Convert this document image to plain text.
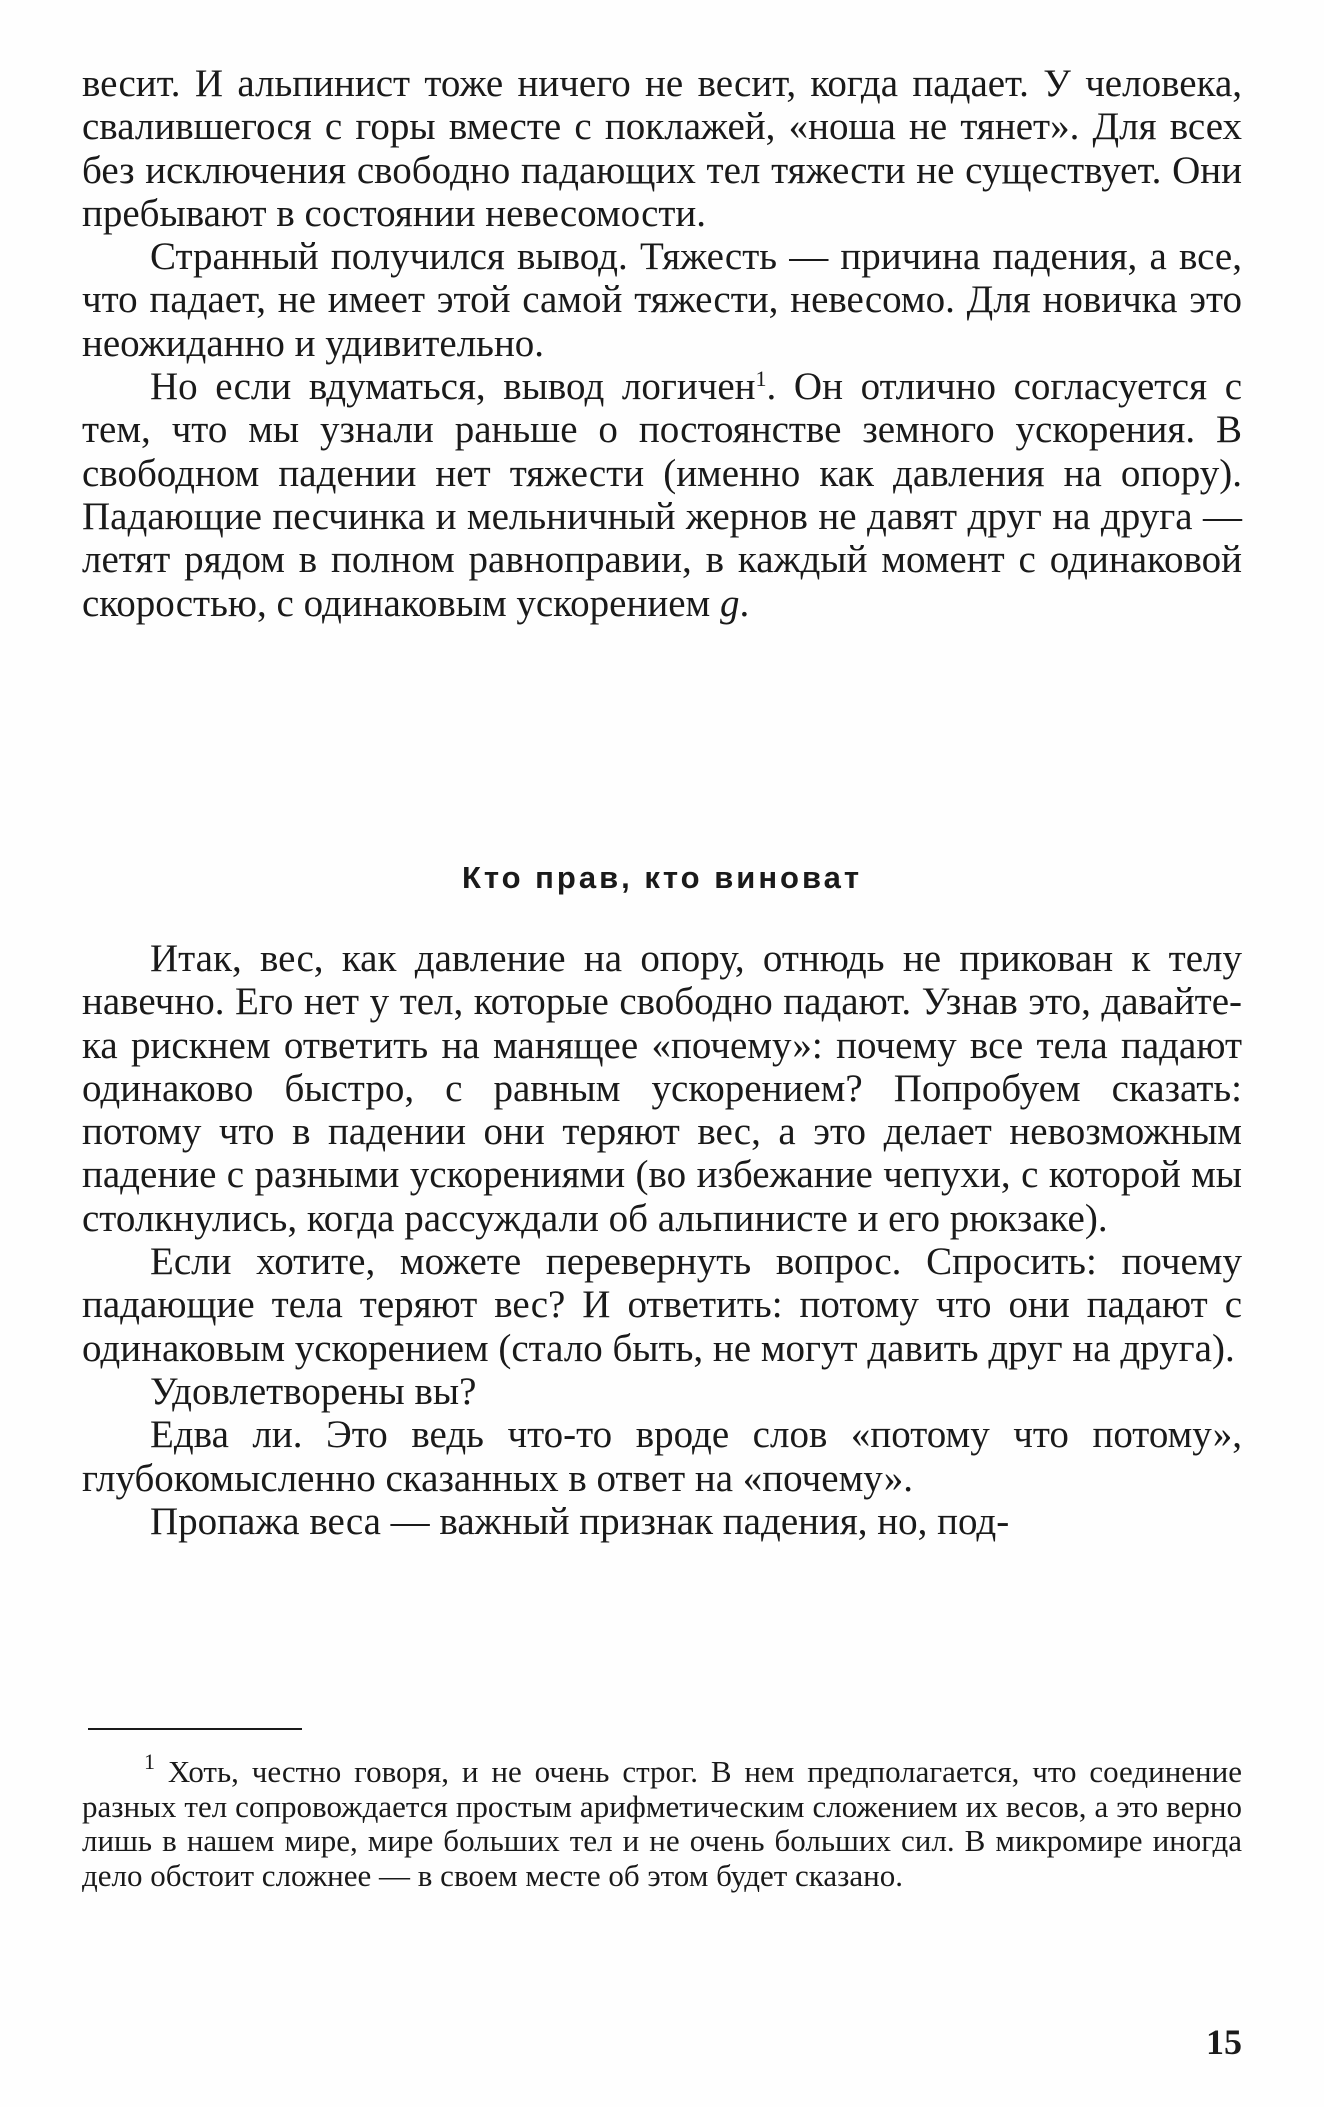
весит. И альпинист тоже ничего не весит, когда падает. У человека, свалившегося с горы вместе с поклажей, «ноша не тянет». Для всех без исключения свободно падающих тел тяжести не существует. Они пребывают в состоянии невесомости.

Странный получился вывод. Тяжесть — причина падения, а все, что падает, не имеет этой самой тяжести, невесомо. Для новичка это неожиданно и удивительно.

Но если вдуматься, вывод логичен$^1$. Он отлично согласуется с тем, что мы узнали раньше о постоянстве земного ускорения. В свободном падении нет тяжести (именно как давления на опору). Падающие песчинка и мельничный жернов не давят друг на друга — летят рядом в полном равноправии, в каждый момент с одинаковой скоростью, с одинаковым ускорением g.

Кто прав, кто виноват

Итак, вес, как давление на опору, отнюдь не прикован к телу навечно. Его нет у тел, которые свободно падают. Узнав это, давайте-ка рискнем ответить на манящее «почему»: почему все тела падают одинаково быстро, с равным ускорением? Попробуем сказать: потому что в падении они теряют вес, а это делает невозможным падение с разными ускорениями (во избежание чепухи, с которой мы столкнулись, когда рассуждали об альпинисте и его рюкзаке).

Если хотите, можете перевернуть вопрос. Спросить: почему падающие тела теряют вес? И ответить: потому что они падают с одинаковым ускорением (стало быть, не могут давить друг на друга).

Удовлетворены вы?

Едва ли. Это ведь что-то вроде слов «потому что потому», глубокомысленно сказанных в ответ на «почему».

Пропажа веса — важный признак падения, но, под-

$^1$ Хоть, честно говоря, и не очень строг. В нем предполагается, что соединение разных тел сопровождается простым арифметическим сложением их весов, а это верно лишь в нашем мире, мире больших тел и не очень больших сил. В микромире иногда дело обстоит сложнее — в своем месте об этом будет сказано.

15
